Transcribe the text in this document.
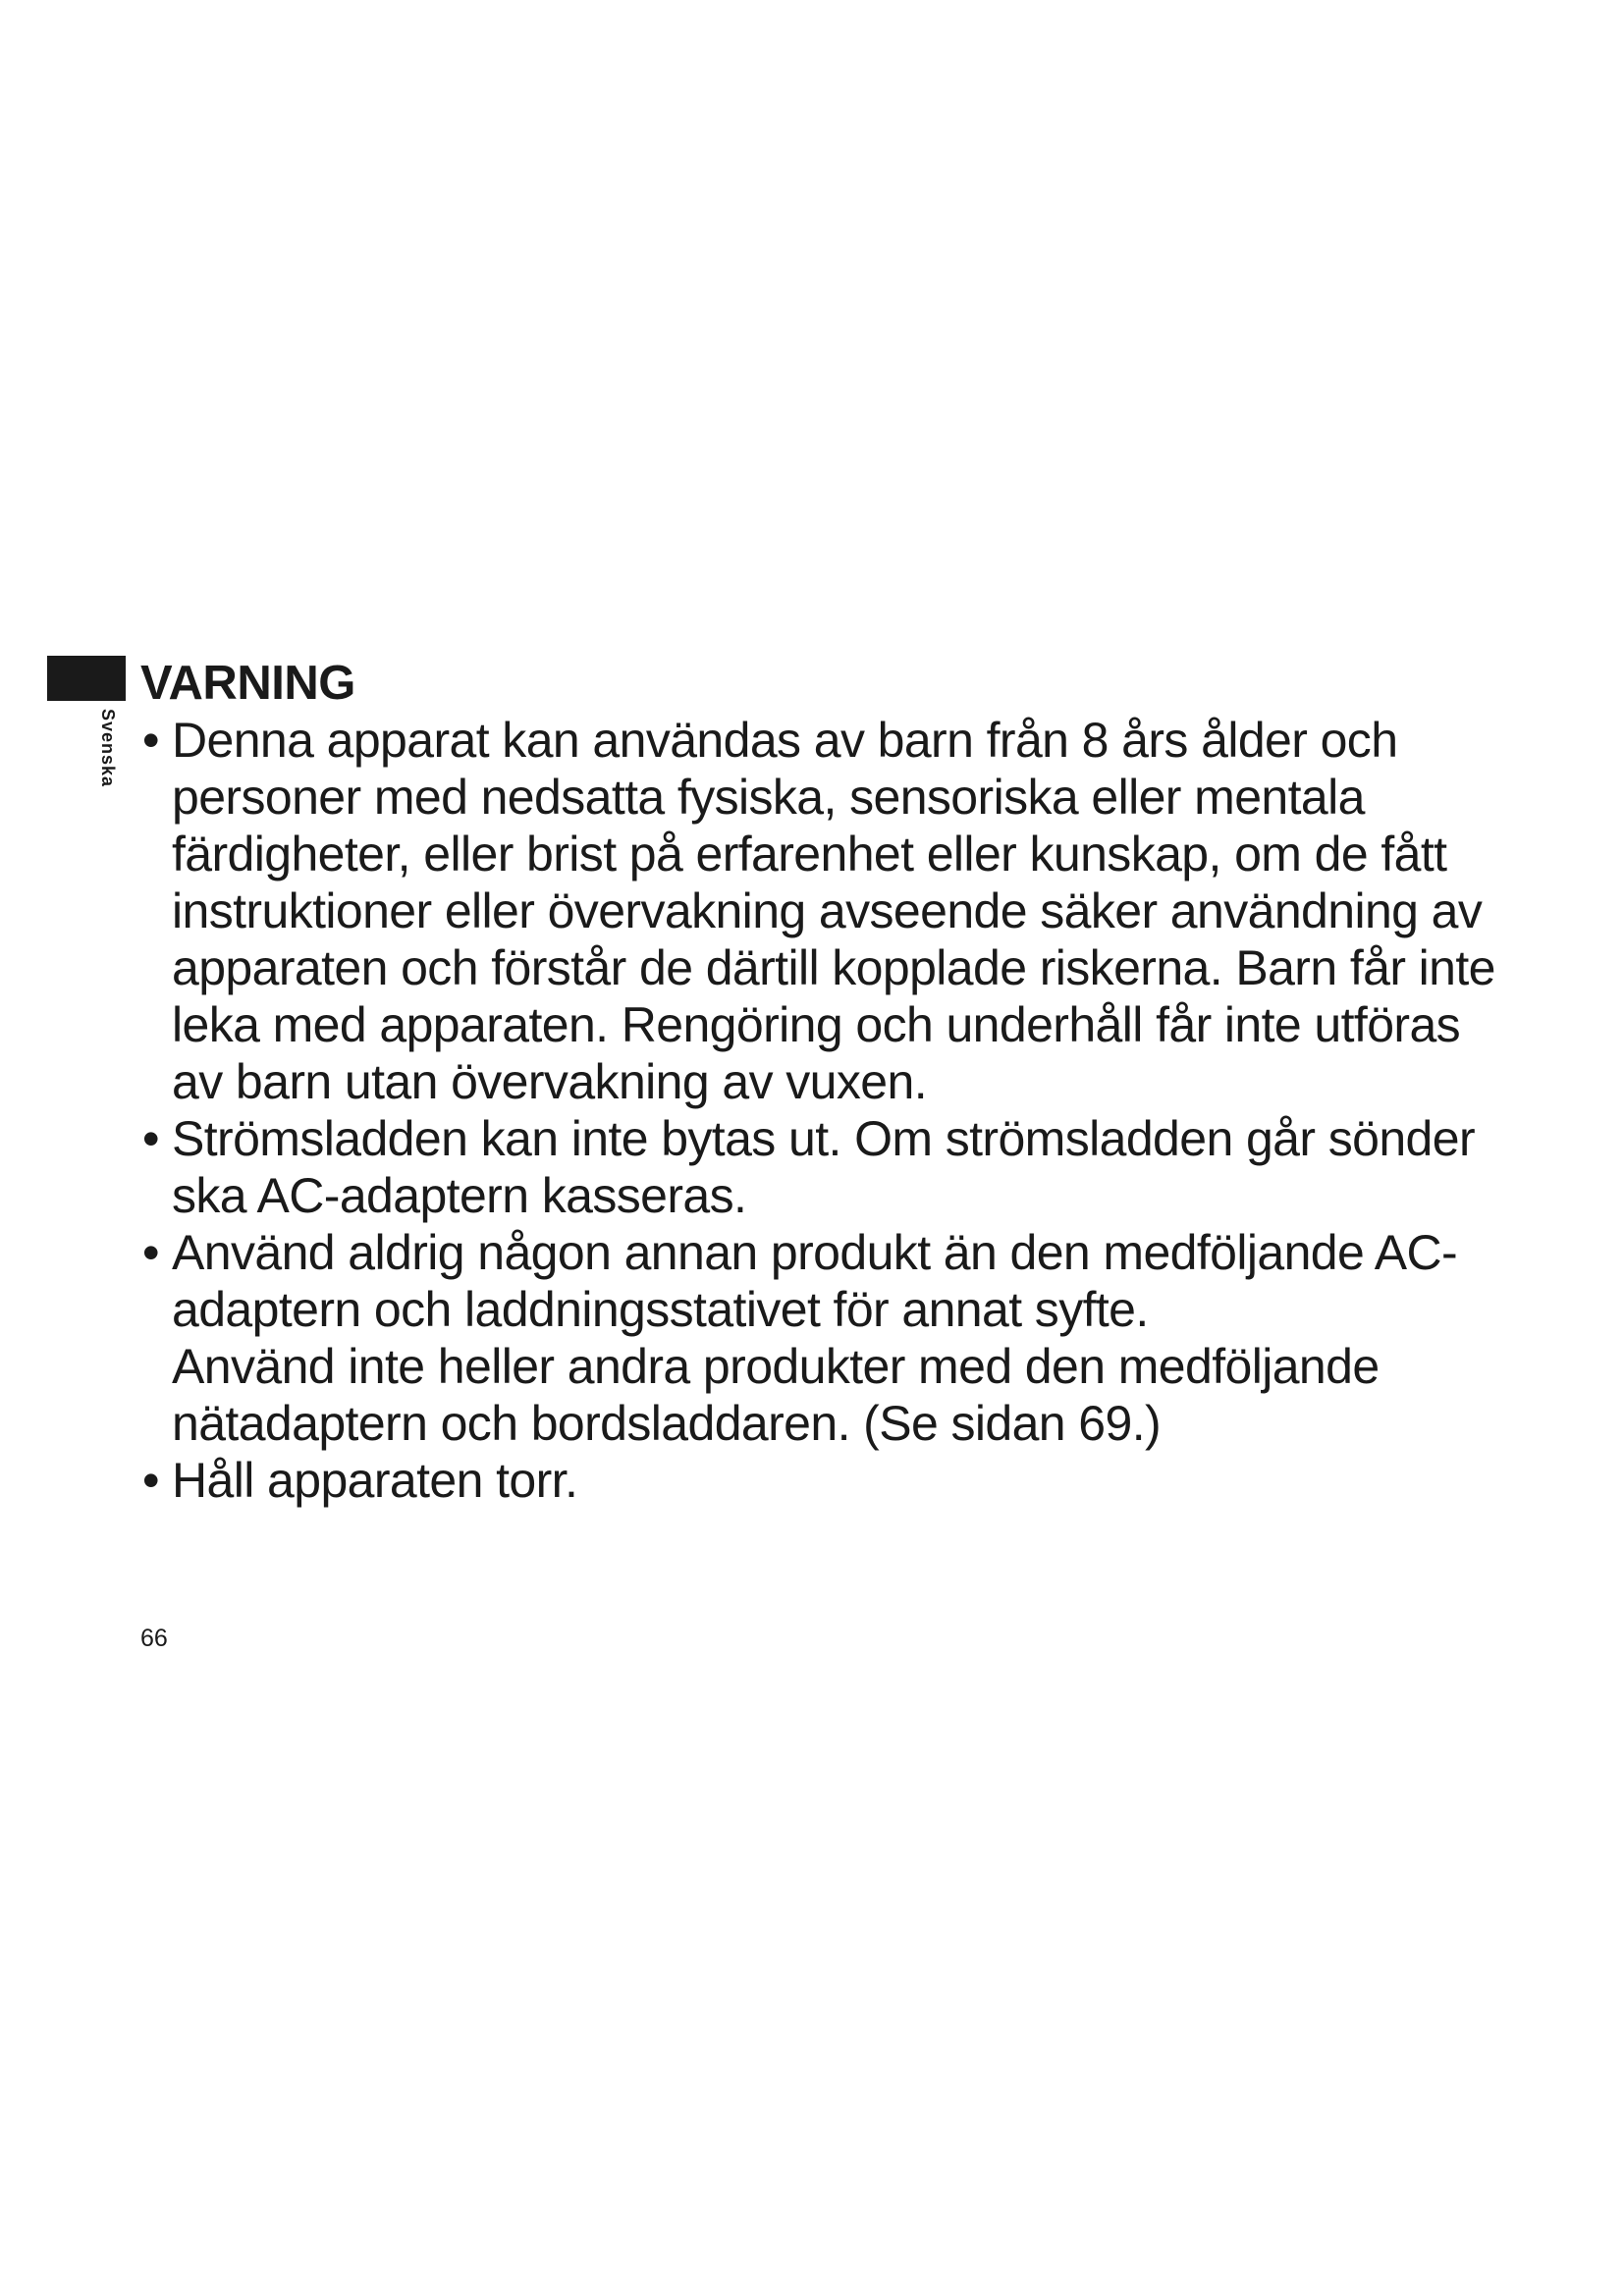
Svenska
VARNING
• Denna apparat kan användas av barn från 8 års ålder och personer med nedsatta fysiska, sensoriska eller mentala färdigheter, eller brist på erfarenhet eller kunskap, om de fått instruktioner eller övervakning avseende säker användning av apparaten och förstår de därtill kopplade riskerna. Barn får inte leka med apparaten. Rengöring och underhåll får inte utföras av barn utan övervakning av vuxen.

• Strömsladden kan inte bytas ut. Om strömsladden går sönder ska AC-adaptern kasseras.

• Använd aldrig någon annan produkt än den medföljande AC-adaptern och laddningsstativet för annat syfte.

Använd inte heller andra produkter med den medföljande nätadaptern och bordsladdaren. (Se sidan 69.)

• Håll apparaten torr.

66
